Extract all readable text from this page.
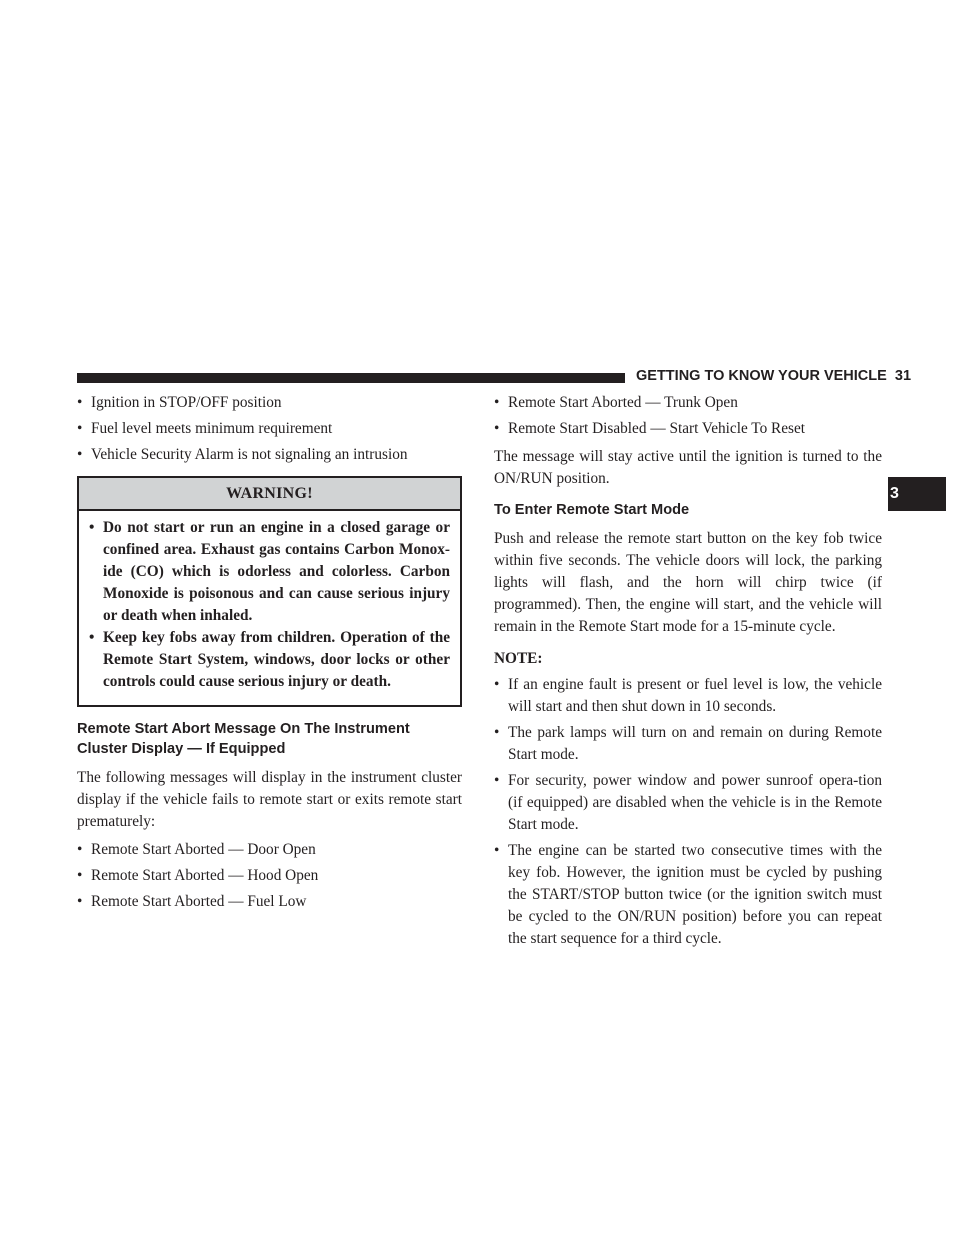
GETTING TO KNOW YOUR VEHICLE 31
3
• Ignition in STOP/OFF position
• Fuel level meets minimum requirement
• Vehicle Security Alarm is not signaling an intrusion
WARNING!
• Do not start or run an engine in a closed garage or confined area. Exhaust gas contains Carbon Monox-ide (CO) which is odorless and colorless. Carbon Monoxide is poisonous and can cause serious injury or death when inhaled.
• Keep key fobs away from children. Operation of the Remote Start System, windows, door locks or other controls could cause serious injury or death.
Remote Start Abort Message On The Instrument Cluster Display — If Equipped

The following messages will display in the instrument cluster display if the vehicle fails to remote start or exits remote start prematurely:

• Remote Start Aborted — Door Open
• Remote Start Aborted — Hood Open
• Remote Start Aborted — Fuel Low
• Remote Start Aborted — Trunk Open
• Remote Start Disabled — Start Vehicle To Reset

The message will stay active until the ignition is turned to the ON/RUN position.

To Enter Remote Start Mode

Push and release the remote start button on the key fob twice within five seconds. The vehicle doors will lock, the parking lights will flash, and the horn will chirp twice (if programmed). Then, the engine will start, and the vehicle will remain in the Remote Start mode for a 15-minute cycle.

NOTE:

• If an engine fault is present or fuel level is low, the vehicle will start and then shut down in 10 seconds.
• The park lamps will turn on and remain on during Remote Start mode.
• For security, power window and power sunroof opera-tion (if equipped) are disabled when the vehicle is in the Remote Start mode.
• The engine can be started two consecutive times with the key fob. However, the ignition must be cycled by pushing the START/STOP button twice (or the ignition switch must be cycled to the ON/RUN position) before you can repeat the start sequence for a third cycle.
